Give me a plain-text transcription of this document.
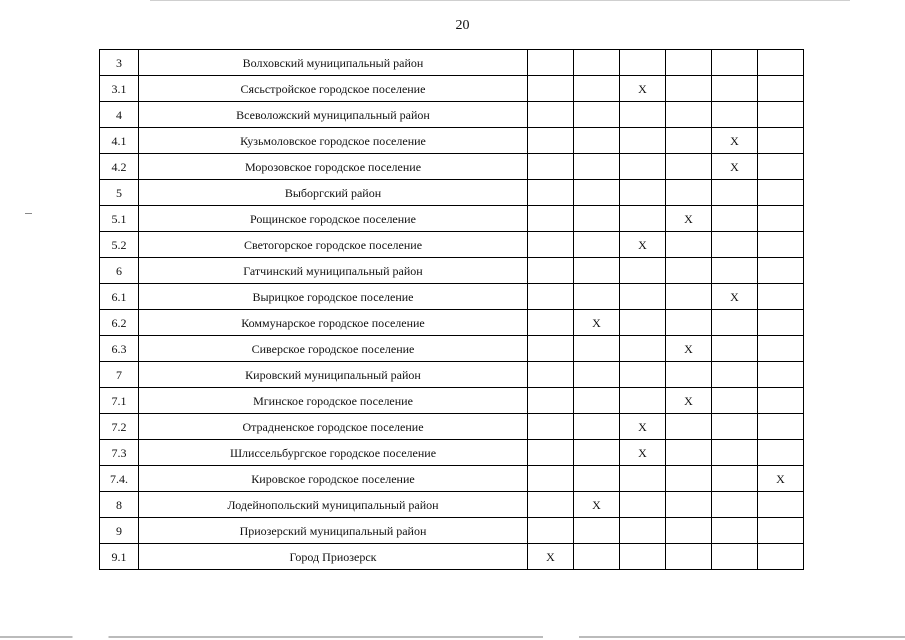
20
3	Волховский муниципальный район						
3.1	Сясьстройское городское поселение			X			
4	Всеволожский муниципальный район						
4.1	Кузьмоловское городское поселение					X	
4.2	Морозовское городское поселение					X	
5	Выборгский район						
5.1	Рощинское городское поселение				X		
5.2	Светогорское городское поселение			X			
6	Гатчинский муниципальный район						
6.1	Вырицкое городское поселение					X	
6.2	Коммунарское городское поселение		X				
6.3	Сиверское городское поселение				X		
7	Кировский муниципальный район						
7.1	Мгинское городское поселение				X		
7.2	Отрадненское городское поселение			X			
7.3	Шлиссельбургское городское поселение			X			
7.4.	Кировское городское поселение						X
8	Лодейнопольский муниципальный район		X				
9	Приозерский муниципальный район						
9.1	Город Приозерск	X					
